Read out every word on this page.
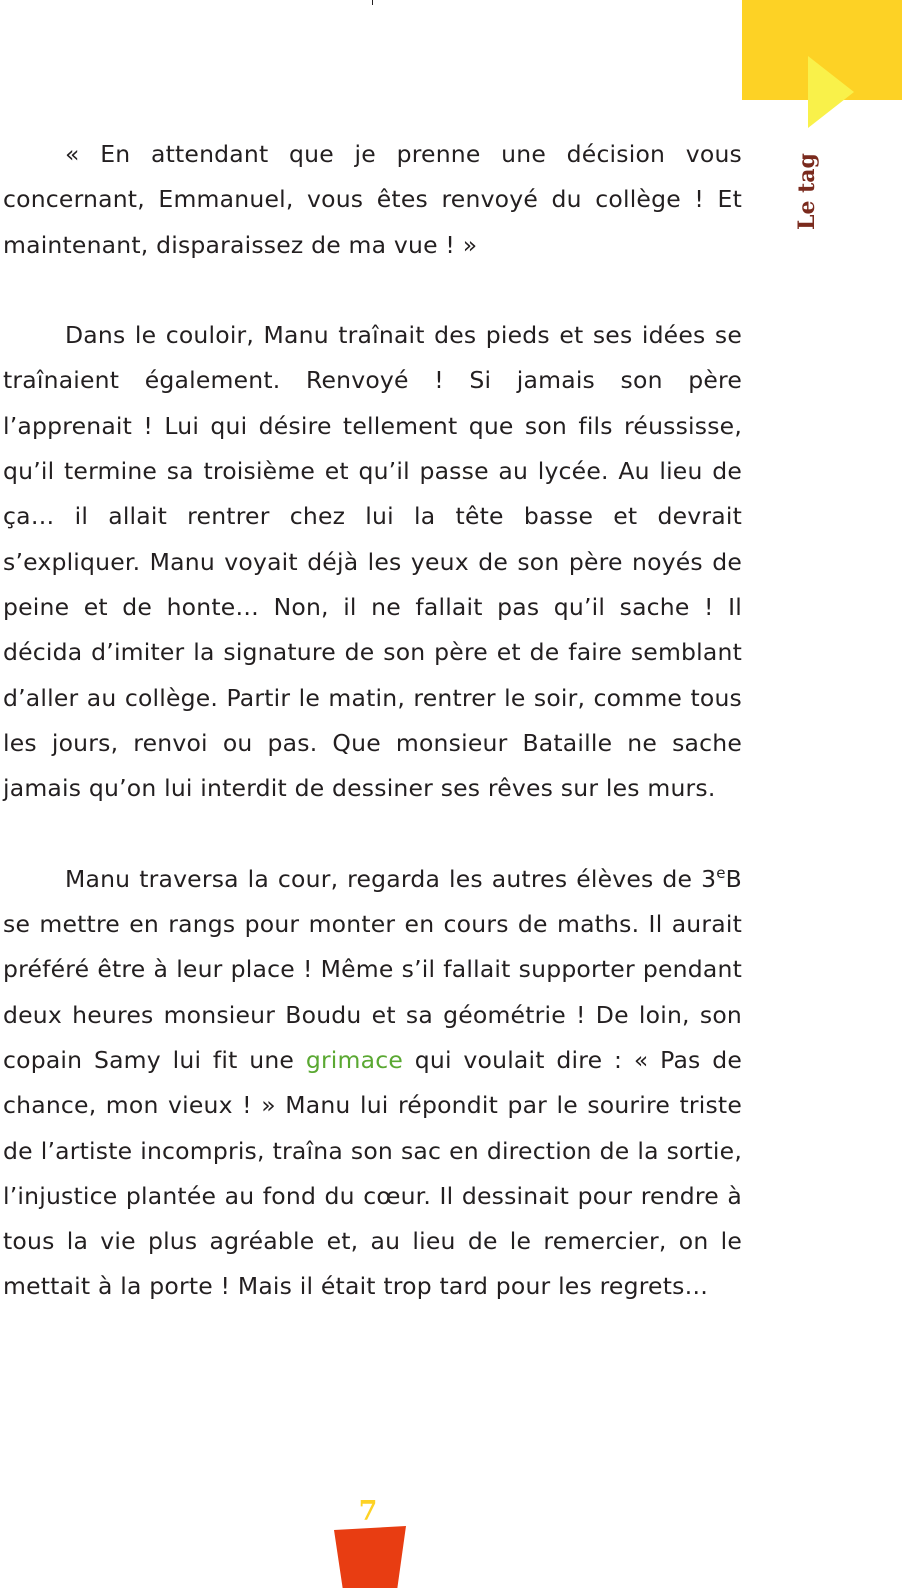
Le tag

« En attendant que je prenne une décision vous concernant, Emmanuel, vous êtes renvoyé du collège ! Et maintenant, disparaissez de ma vue ! »

Dans le couloir, Manu traînait des pieds et ses idées se traînaient également. Renvoyé ! Si jamais son père l’apprenait ! Lui qui désire tellement que son fils réussisse, qu’il termine sa troisième et qu’il passe au lycée. Au lieu de ça… il allait rentrer chez lui la tête basse et devrait s’expliquer. Manu voyait déjà les yeux de son père noyés de peine et de honte… Non, il ne fallait pas qu’il sache ! Il décida d’imiter la signature de son père et de faire semblant d’aller au collège. Partir le matin, rentrer le soir, comme tous les jours, renvoi ou pas. Que monsieur Bataille ne sache jamais qu’on lui interdit de dessiner ses rêves sur les murs.

Manu traversa la cour, regarda les autres élèves de 3eB se mettre en rangs pour monter en cours de maths. Il aurait préféré être à leur place ! Même s’il fallait supporter pendant deux heures monsieur Boudu et sa géométrie ! De loin, son copain Samy lui fit une grimace qui voulait dire : « Pas de chance, mon vieux ! » Manu lui répondit par le sourire triste de l’artiste incompris, traîna son sac en direction de la sortie, l’injustice plantée au fond du cœur. Il dessinait pour rendre à tous la vie plus agréable et, au lieu de le remercier, on le mettait à la porte ! Mais il était trop tard pour les regrets…

7
